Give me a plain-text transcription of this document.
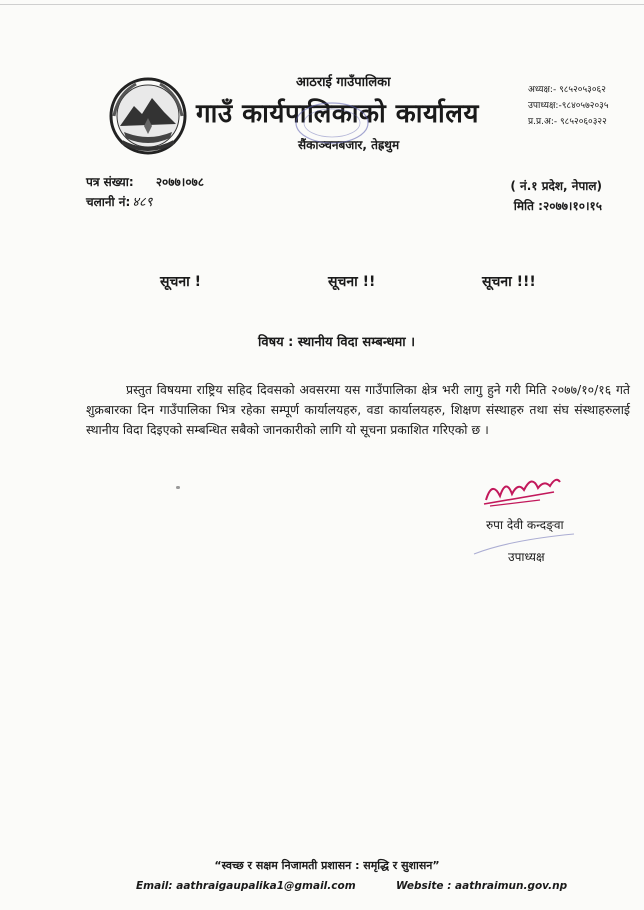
आठराई गाउँपालिका
गाउँ कार्यपालिकाको कार्यालय
सैंकाञ्चनबजार, तेह्रथुम
अध्यक्ष:- ९८५२०५३०६२
उपाध्यक्ष:-९८४०५७२०३५
प्र.प्र.अ:- ९८५२०६०३२२
पत्र संख्या: २०७७।०७८
चलानी नं: ४८९
( नं.१ प्रदेश, नेपाल)
मिति :२०७७।१०।१५
सूचना !	सूचना !!	सूचना !!!
विषय : स्थानीय विदा सम्बन्धमा ।
प्रस्तुत विषयमा राष्ट्रिय सहिद दिवसको अवसरमा यस गाउँपालिका क्षेत्र भरी लागु हुने गरी मिति २०७७/१०/१६ गते शुक्रबारका दिन गाउँपालिका भित्र रहेका सम्पूर्ण कार्यालयहरु, वडा कार्यालयहरु, शिक्षण संस्थाहरु तथा संघ संस्थाहरुलाई स्थानीय विदा दिइएको सम्बन्धित सबैको जानकारीको लागि यो सूचना प्रकाशित गरिएको छ ।
रुपा देवी कन्दङ्वा
उपाध्यक्ष
“स्वच्छ र सक्षम निजामती प्रशासन : समृद्धि र सुशासन”
Email: aathraigaupalika1@gmail.com	Website : aathraimun.gov.np
